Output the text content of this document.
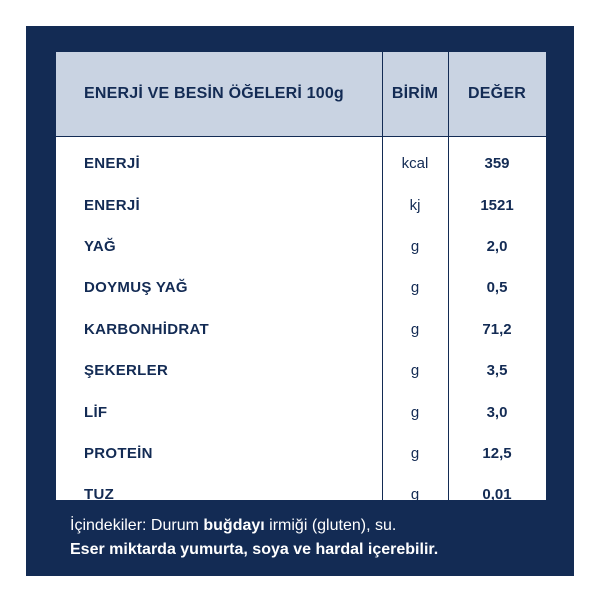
ENERJİ VE BESİN ÖĞELERİ 100g	BİRİM	DEĞER
ENERJİ	kcal	359
ENERJİ	kj	1521
YAĞ	g	2,0
DOYMUŞ YAĞ	g	0,5
KARBONHİDRAT	g	71,2
ŞEKERLER	g	3,5
LİF	g	3,0
PROTEİN	g	12,5
TUZ	g	0,01
İçindekiler: Durum buğdayı irmiği (gluten), su.
Eser miktarda yumurta, soya ve hardal içerebilir.
